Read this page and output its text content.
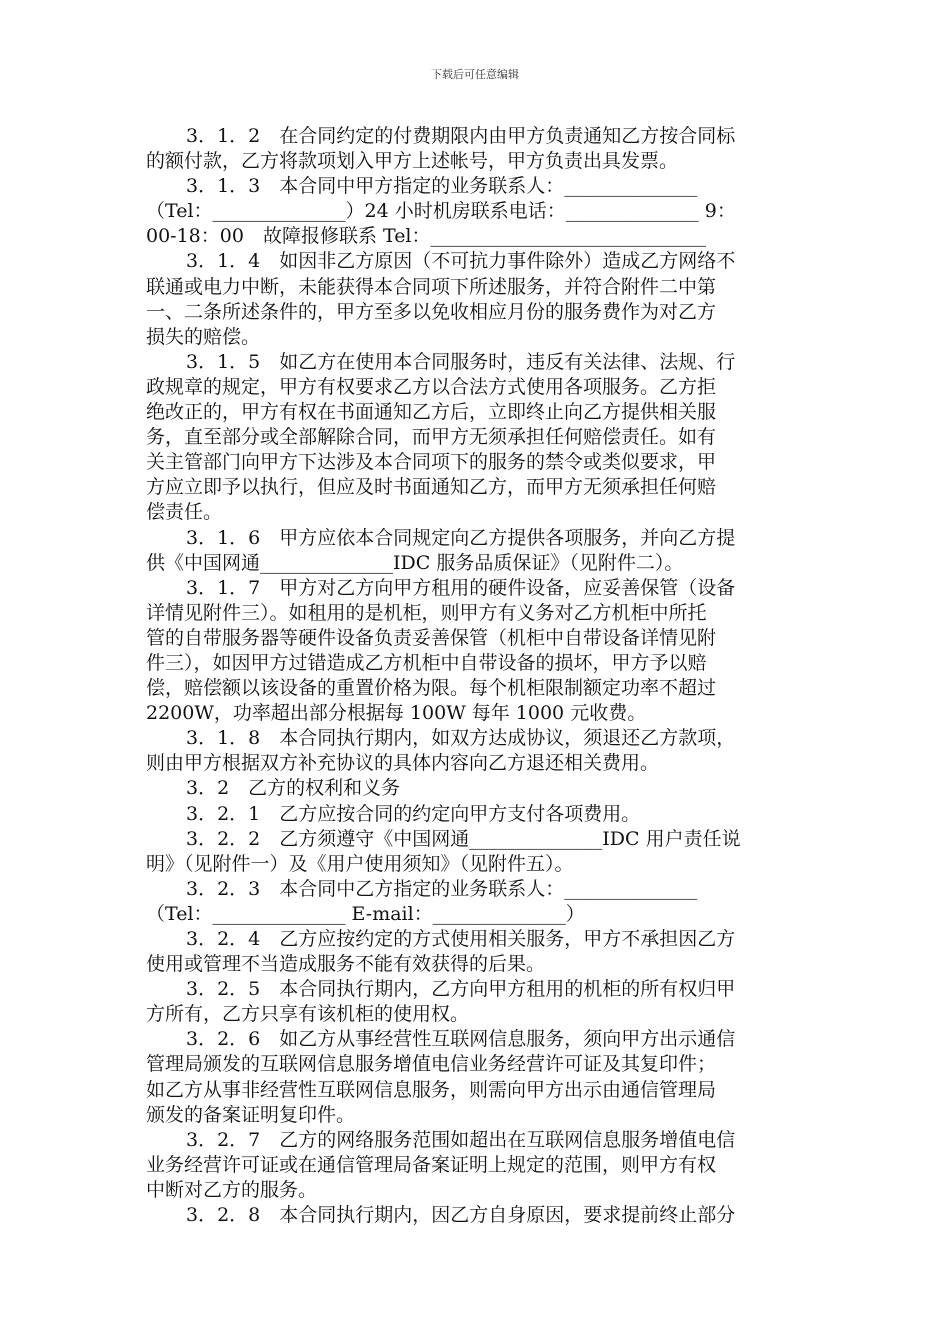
下载后可任意编辑
3．1．2　在合同约定的付费期限内由甲方负责通知乙方按合同标
的额付款，乙方将款项划入甲方上述帐号，甲方负责出具发票。
3．1．3　本合同中甲方指定的业务联系人：______________
（Tel：______________）24 小时机房联系电话：______________ 9：
00-18：00　故障报修联系 Tel：_____________________________
3．1．4　如因非乙方原因（不可抗力事件除外）造成乙方网络不
联通或电力中断，未能获得本合同项下所述服务，并符合附件二中第
一、二条所述条件的，甲方至多以免收相应月份的服务费作为对乙方
损失的赔偿。
3．1．5　如乙方在使用本合同服务时，违反有关法律、法规、行
政规章的规定，甲方有权要求乙方以合法方式使用各项服务。乙方拒
绝改正的，甲方有权在书面通知乙方后，立即终止向乙方提供相关服
务，直至部分或全部解除合同，而甲方无须承担任何赔偿责任。如有
关主管部门向甲方下达涉及本合同项下的服务的禁令或类似要求，甲
方应立即予以执行，但应及时书面通知乙方，而甲方无须承担任何赔
偿责任。
3．1．6　甲方应依本合同规定向乙方提供各项服务，并向乙方提
供《中国网通______________IDC 服务品质保证》（见附件二）。
3．1．7　甲方对乙方向甲方租用的硬件设备，应妥善保管（设备
详情见附件三）。如租用的是机柜，则甲方有义务对乙方机柜中所托
管的自带服务器等硬件设备负责妥善保管（机柜中自带设备详情见附
件三），如因甲方过错造成乙方机柜中自带设备的损坏，甲方予以赔
偿，赔偿额以该设备的重置价格为限。每个机柜限制额定功率不超过
2200W，功率超出部分根据每 100W 每年 1000 元收费。
3．1．8　本合同执行期内，如双方达成协议，须退还乙方款项，
则由甲方根据双方补充协议的具体内容向乙方退还相关费用。
3．2　乙方的权利和义务
3．2．1　乙方应按合同的约定向甲方支付各项费用。
3．2．2　乙方须遵守《中国网通______________IDC 用户责任说
明》（见附件一）及《用户使用须知》（见附件五）。
3．2．3　本合同中乙方指定的业务联系人：______________
（Tel：______________ E-mail：______________）
3．2．4　乙方应按约定的方式使用相关服务，甲方不承担因乙方
使用或管理不当造成服务不能有效获得的后果。
3．2．5　本合同执行期内，乙方向甲方租用的机柜的所有权归甲
方所有，乙方只享有该机柜的使用权。
3．2．6　如乙方从事经营性互联网信息服务，须向甲方出示通信
管理局颁发的互联网信息服务增值电信业务经营许可证及其复印件；
如乙方从事非经营性互联网信息服务，则需向甲方出示由通信管理局
颁发的备案证明复印件。
3．2．7　乙方的网络服务范围如超出在互联网信息服务增值电信
业务经营许可证或在通信管理局备案证明上规定的范围，则甲方有权
中断对乙方的服务。
3．2．8　本合同执行期内，因乙方自身原因，要求提前终止部分
